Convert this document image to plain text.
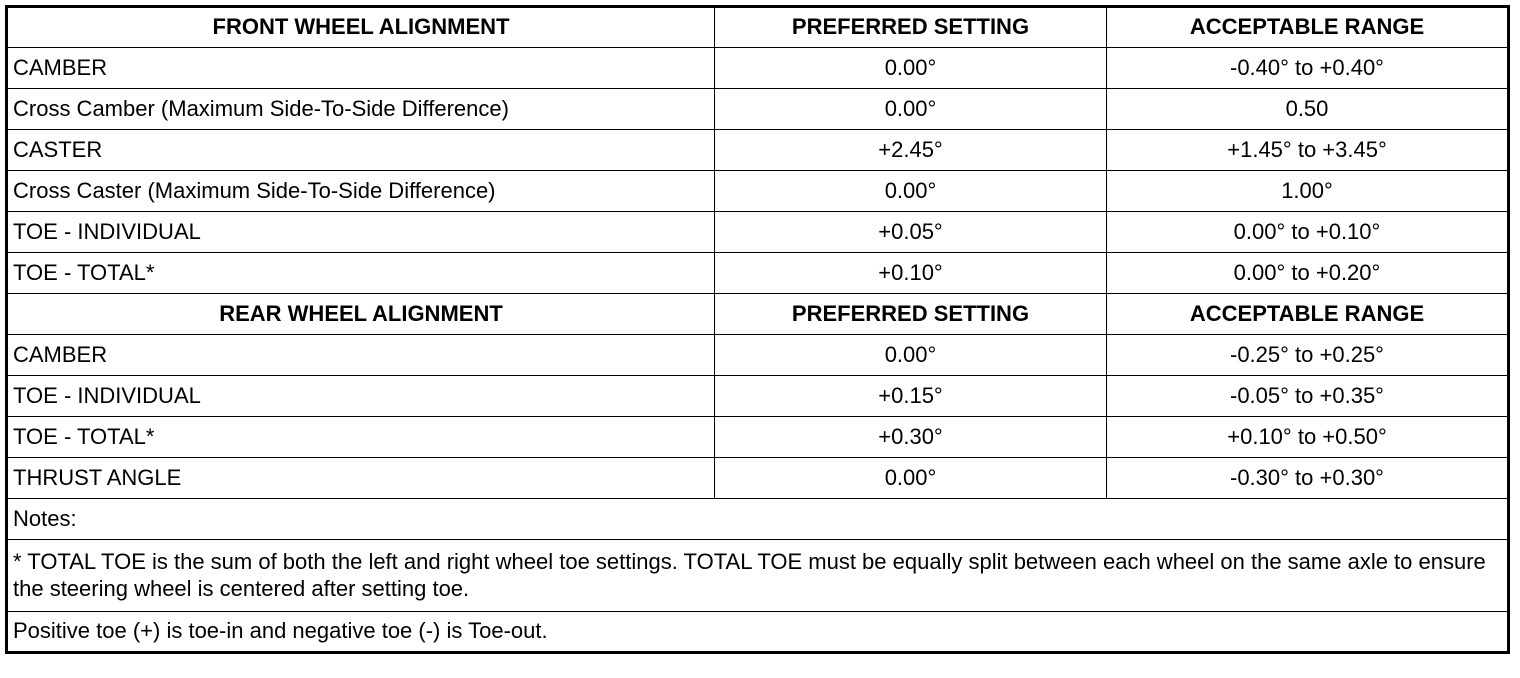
FRONT WHEEL ALIGNMENT	PREFERRED SETTING	ACCEPTABLE RANGE
CAMBER	0.00°	-0.40° to +0.40°
Cross Camber (Maximum Side-To-Side Difference)	0.00°	0.50
CASTER	+2.45°	+1.45° to +3.45°
Cross Caster (Maximum Side-To-Side Difference)	0.00°	1.00°
TOE - INDIVIDUAL	+0.05°	0.00° to +0.10°
TOE - TOTAL*	+0.10°	0.00° to +0.20°
REAR WHEEL ALIGNMENT	PREFERRED SETTING	ACCEPTABLE RANGE
CAMBER	0.00°	-0.25° to +0.25°
TOE - INDIVIDUAL	+0.15°	-0.05° to +0.35°
TOE - TOTAL*	+0.30°	+0.10° to +0.50°
THRUST ANGLE	0.00°	-0.30° to +0.30°
Notes:		
* TOTAL TOE is the sum of both the left and right wheel toe settings. TOTAL TOE must be equally split between each wheel on the same axle to ensure the steering wheel is centered after setting toe.		
Positive toe (+) is toe-in and negative toe (-) is Toe-out.		
